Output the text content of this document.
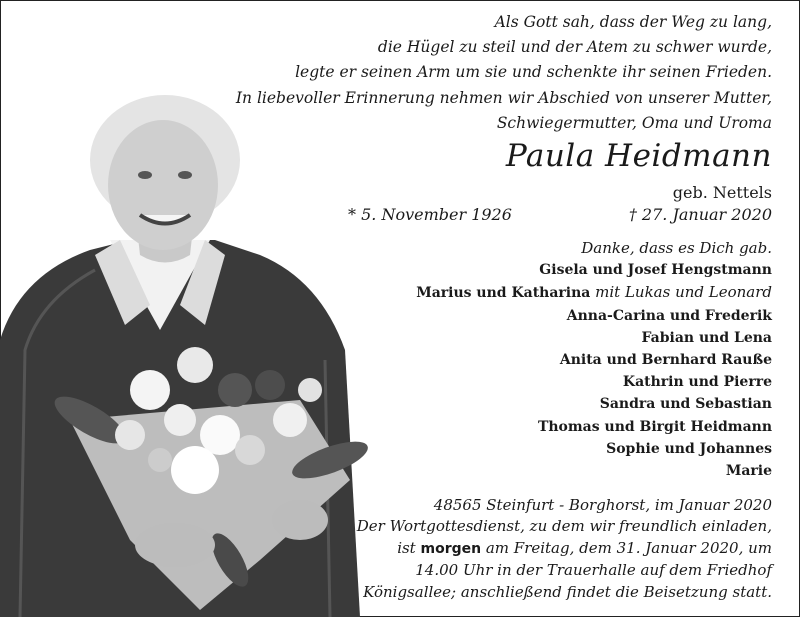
Als Gott sah, dass der Weg zu lang,
die Hügel zu steil und der Atem zu schwer wurde,
legte er seinen Arm um sie und schenkte ihr seinen Frieden.
In liebevoller Erinnerung nehmen wir Abschied von unserer Mutter,
Schwiegermutter, Oma und Uroma
Paula Heidmann
geb. Nettels
* 5. November 1926	† 27. Januar 2020
Danke, dass es Dich gab.
Gisela und Josef Hengstmann
Marius und Katharina mit Lukas und Leonard
Anna-Carina und Frederik
Fabian und Lena
Anita und Bernhard Rauße
Kathrin und Pierre
Sandra und Sebastian
Thomas und Birgit Heidmann
Sophie und Johannes
Marie
48565 Steinfurt - Borghorst, im Januar 2020
Der Wortgottesdienst, zu dem wir freundlich einladen,
ist morgen am Freitag, dem 31. Januar 2020, um
14.00 Uhr in der Trauerhalle auf dem Friedhof
Königsallee; anschließend findet die Beisetzung statt.
